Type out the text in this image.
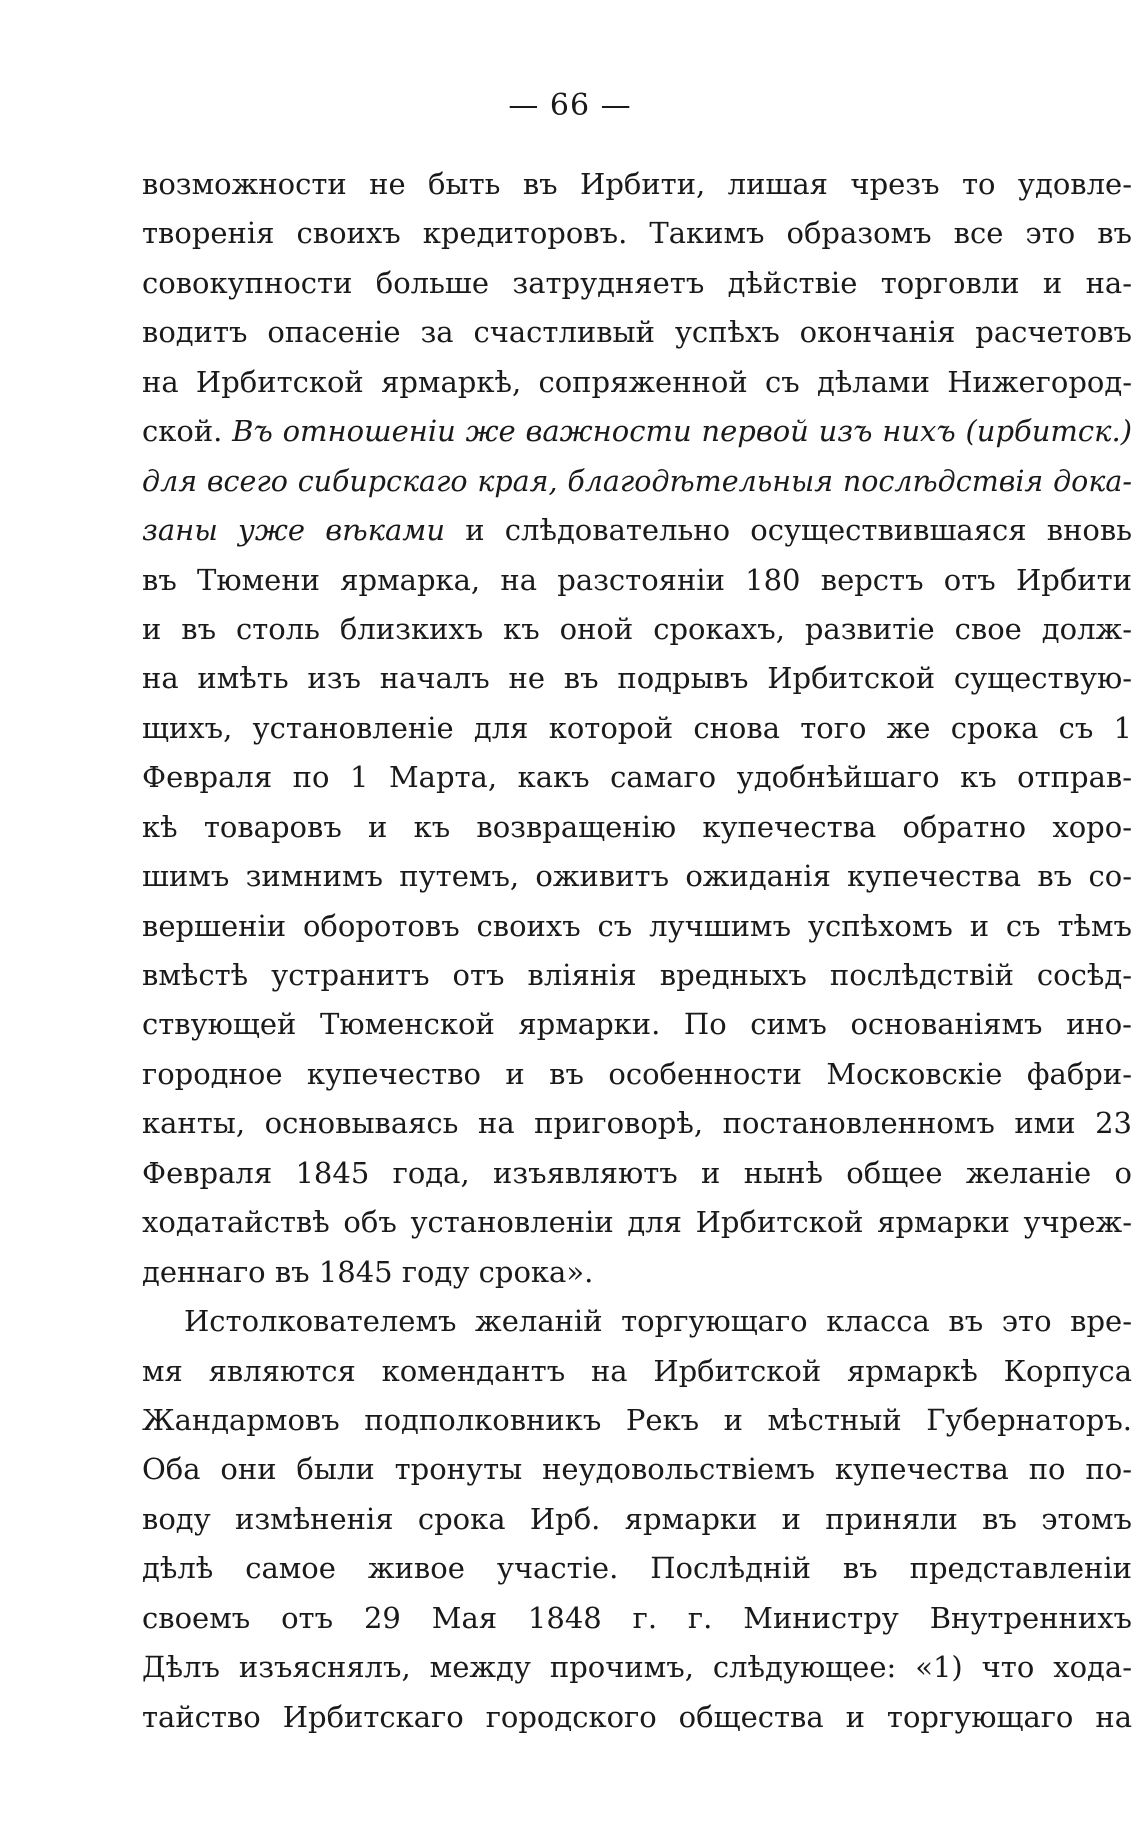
— 66 —
возможности не быть въ Ирбити, лишая чрезъ то удовле-
творенія своихъ кредиторовъ. Такимъ образомъ все это въ
совокупности больше затрудняетъ дѣйствіе торговли и на-
водитъ опасеніе за счастливый успѣхъ окончанія расчетовъ
на Ирбитской ярмаркѣ, сопряженной съ дѣлами Нижегород-
ской. Въ отношеніи же важности первой изъ нихъ (ирбитск.)
для всего сибирскаго края, благодѣтельныя послѣдствія дока-
заны уже вѣками и слѣдовательно осуществившаяся вновь
въ Тюмени ярмарка, на разстояніи 180 верстъ отъ Ирбити
и въ столь близкихъ къ оной срокахъ, развитіе свое долж-
на имѣть изъ началъ не въ подрывъ Ирбитской существую-
щихъ, установленіе для которой снова того же срока съ 1
Февраля по 1 Марта, какъ самаго удобнѣйшаго къ отправ-
кѣ товаровъ и къ возвращенію купечества обратно хоро-
шимъ зимнимъ путемъ, оживитъ ожиданія купечества въ со-
вершеніи оборотовъ своихъ съ лучшимъ успѣхомъ и съ тѣмъ
вмѣстѣ устранитъ отъ вліянія вредныхъ послѣдствій сосѣд-
ствующей Тюменской ярмарки. По симъ основаніямъ ино-
городное купечество и въ особенности Московскіе фабри-
канты, основываясь на приговорѣ, постановленномъ ими 23
Февраля 1845 года, изъявляютъ и нынѣ общее желаніе о
ходатайствѣ объ установленіи для Ирбитской ярмарки учреж-
деннаго въ 1845 году срока».
Истолкователемъ желаній торгующаго класса въ это вре-
мя являются комендантъ на Ирбитской ярмаркѣ Корпуса
Жандармовъ подполковникъ Рекъ и мѣстный Губернаторъ.
Оба они были тронуты неудовольствіемъ купечества по по-
воду измѣненія срока Ирб. ярмарки и приняли въ этомъ
дѣлѣ самое живое участіе. Послѣдній въ представленіи
своемъ отъ 29 Мая 1848 г. г. Министру Внутреннихъ
Дѣлъ изъяснялъ, между прочимъ, слѣдующее: «1) что хода-
тайство Ирбитскаго городского общества и торгующаго на
